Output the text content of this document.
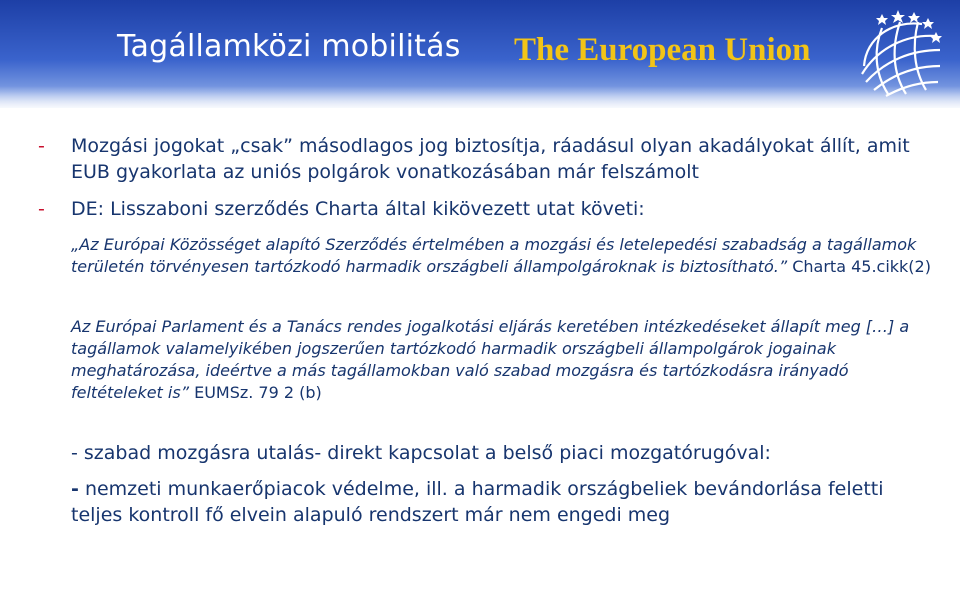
Tagállamközi mobilitás The European Union

- Mozgási jogokat „csak” másodlagos jog biztosítja, ráadásul olyan akadályokat állít, amit EUB gyakorlata az uniós polgárok vonatkozásában már felszámolt

- DE: Lisszaboni szerződés Charta által kikövezett utat követi:

„Az Európai Közösséget alapító Szerződés értelmében a mozgási és letelepedési szabadság a tagállamok területén törvényesen tartózkodó harmadik országbeli állampolgároknak is biztosítható.” Charta 45.cikk(2)

Az Európai Parlament és a Tanács rendes jogalkotási eljárás keretében intézkedéseket állapít meg […] a tagállamok valamelyikében jogszerűen tartózkodó harmadik országbeli állampolgárok jogainak meghatározása, ideértve a más tagállamokban való szabad mozgásra és tartózkodásra irányadó feltételeket is” EUMSz. 79 2 (b)

- szabad mozgásra utalás- direkt kapcsolat a belső piaci mozgatórugóval:

- nemzeti munkaerőpiacok védelme, ill. a harmadik országbeliek bevándorlása feletti teljes kontroll fő elvein alapuló rendszert már nem engedi meg
